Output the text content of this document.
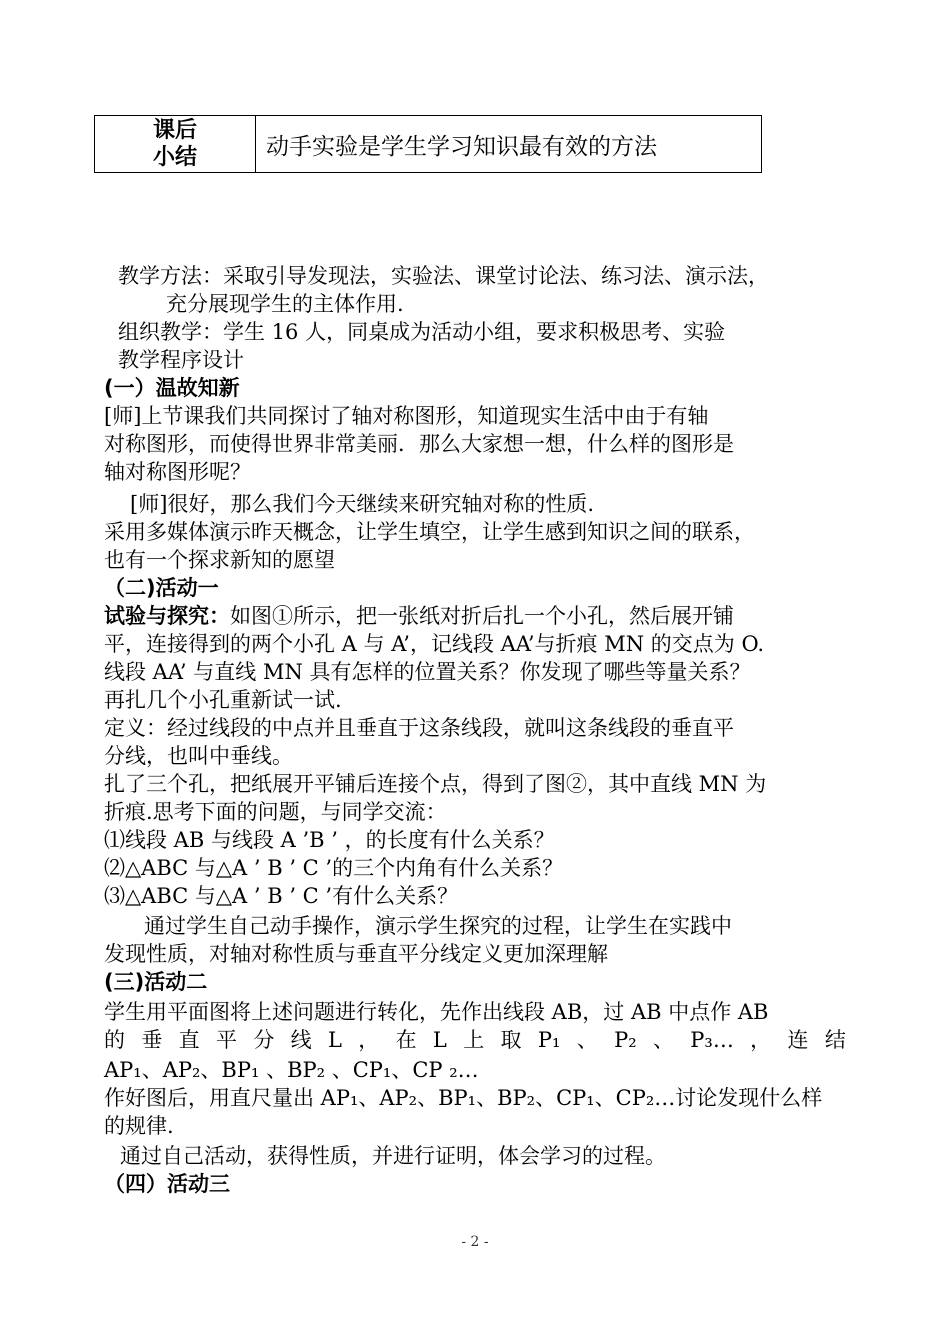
课后
小结	动手实验是学生学习知识最有效的方法
教学方法：采取引导发现法，实验法、课堂讨论法、练习法、演示法，
充分展现学生的主体作用.
组织教学：学生 16 人，同桌成为活动小组，要求积极思考、实验
教学程序设计
(一）温故知新
[师]上节课我们共同探讨了轴对称图形，知道现实生活中由于有轴
对称图形，而使得世界非常美丽．那么大家想一想，什么样的图形是
轴对称图形呢？
[师]很好，那么我们今天继续来研究轴对称的性质.
采用多媒体演示昨天概念，让学生填空，让学生感到知识之间的联系，
也有一个探求新知的愿望
（二)活动一
试验与探究：如图①所示，把一张纸对折后扎一个小孔，然后展开铺
平，连接得到的两个小孔 A 与 A’，记线段 AA’与折痕 MN 的交点为 O.
线段 AA’ 与直线 MN 具有怎样的位置关系？你发现了哪些等量关系？
再扎几个小孔重新试一试.
定义：经过线段的中点并且垂直于这条线段，就叫这条线段的垂直平
分线，也叫中垂线。
扎了三个孔，把纸展开平铺后连接个点，得到了图②，其中直线 MN 为
折痕.思考下面的问题，与同学交流：
⑴线段 AB 与线段 A ’B ’ ，的长度有什么关系？
⑵△ABC 与△A ’ B ’ C ’的三个内角有什么关系？
⑶△ABC 与△A ’ B ’ C ’有什么关系？
通过学生自己动手操作，演示学生探究的过程，让学生在实践中
发现性质，对轴对称性质与垂直平分线定义更加深理解
(三)活动二
学生用平面图将上述问题进行转化，先作出线段 AB，过 AB 中点作 AB
的 垂 直 平 分 线 L ， 在 L 上 取 P₁ 、 P₂ 、 P₃… ， 连 结
AP₁、AP₂、BP₁ 、BP₂ 、CP₁、CP ₂…
作好图后，用直尺量出 AP₁、AP₂、BP₁、BP₂、CP₁、CP₂…讨论发现什么样
的规律.
通过自己活动，获得性质，并进行证明，体会学习的过程。
（四）活动三
- 2 -
